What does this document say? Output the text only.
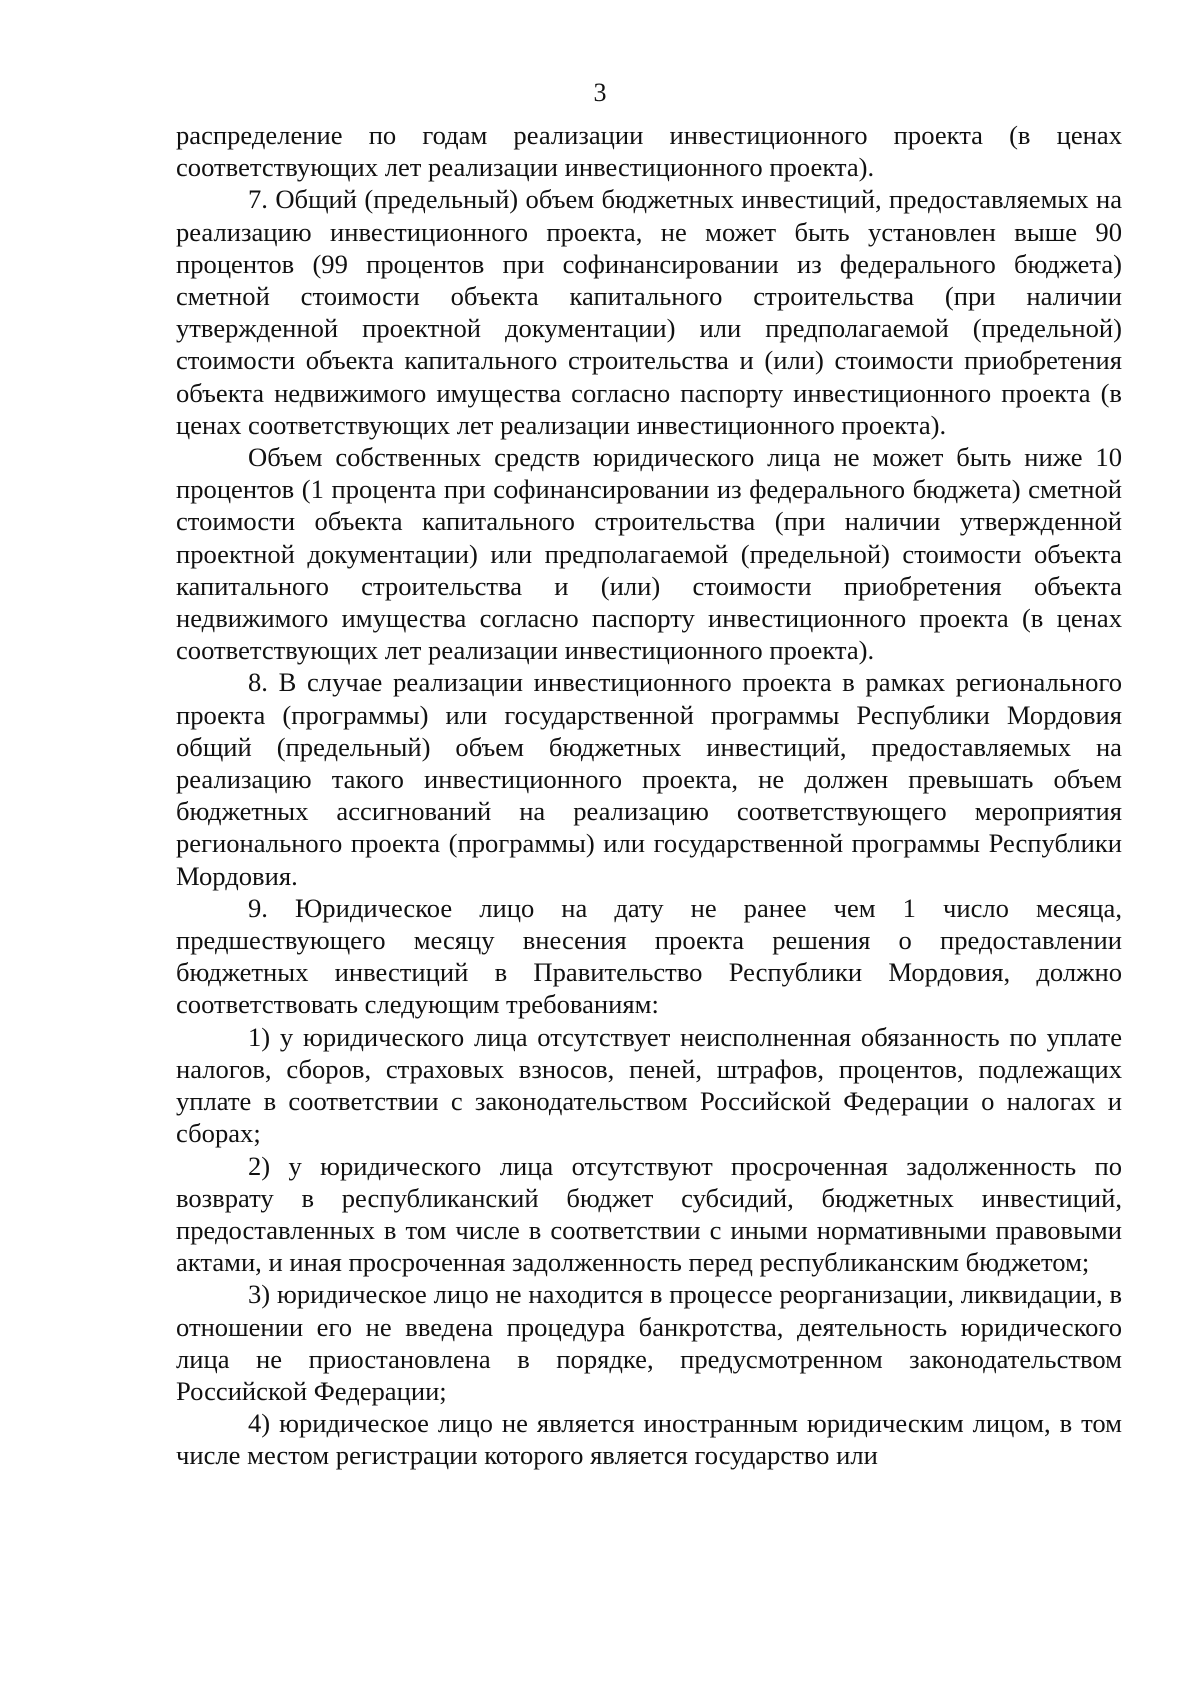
3

распределение по годам реализации инвестиционного проекта (в ценах соответствующих лет реализации инвестиционного проекта).

7. Общий (предельный) объем бюджетных инвестиций, предоставляемых на реализацию инвестиционного проекта, не может быть установлен выше 90 процентов (99 процентов при софинансировании из федерального бюджета) сметной стоимости объекта капитального строительства (при наличии утвержденной проектной документации) или предполагаемой (предельной) стоимости объекта капитального строительства и (или) стоимости приобретения объекта недвижимого имущества согласно паспорту инвестиционного проекта (в ценах соответствующих лет реализации инвестиционного проекта).

Объем собственных средств юридического лица не может быть ниже 10 процентов (1 процента при софинансировании из федерального бюджета) сметной стоимости объекта капитального строительства (при наличии утвержденной проектной документации) или предполагаемой (предельной) стоимости объекта капитального строительства и (или) стоимости приобретения объекта недвижимого имущества согласно паспорту инвестиционного проекта (в ценах соответствующих лет реализации инвестиционного проекта).

8. В случае реализации инвестиционного проекта в рамках регионального проекта (программы) или государственной программы Республики Мордовия общий (предельный) объем бюджетных инвестиций, предоставляемых на реализацию такого инвестиционного проекта, не должен превышать объем бюджетных ассигнований на реализацию соответствующего мероприятия регионального проекта (программы) или государственной программы Республики Мордовия.

9. Юридическое лицо на дату не ранее чем 1 число месяца, предшествующего месяцу внесения проекта решения о предоставлении бюджетных инвестиций в Правительство Республики Мордовия, должно соответствовать следующим требованиям:

1) у юридического лица отсутствует неисполненная обязанность по уплате налогов, сборов, страховых взносов, пеней, штрафов, процентов, подлежащих уплате в соответствии с законодательством Российской Федерации о налогах и сборах;

2) у юридического лица отсутствуют просроченная задолженность по возврату в республиканский бюджет субсидий, бюджетных инвестиций, предоставленных в том числе в соответствии с иными нормативными правовыми актами, и иная просроченная задолженность перед республиканским бюджетом;

3) юридическое лицо не находится в процессе реорганизации, ликвидации, в отношении его не введена процедура банкротства, деятельность юридического лица не приостановлена в порядке, предусмотренном законодательством Российской Федерации;

4) юридическое лицо не является иностранным юридическим лицом, в том числе местом регистрации которого является государство или
